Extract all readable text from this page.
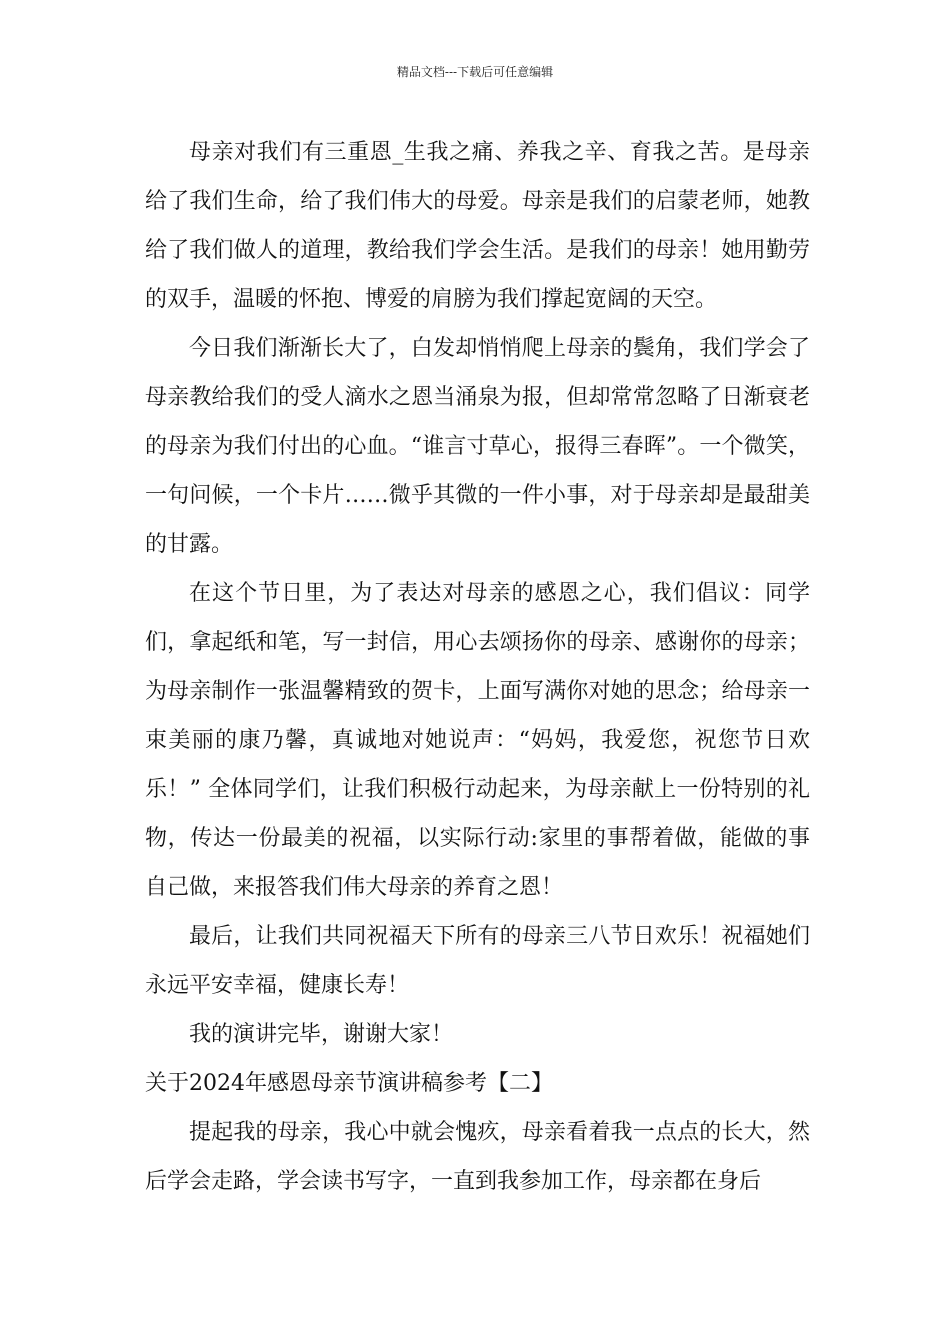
精品文档---下载后可任意编辑

母亲对我们有三重恩_生我之痛、养我之辛、育我之苦。是母亲给了我们生命，给了我们伟大的母爱。母亲是我们的启蒙老师，她教给了我们做人的道理，教给我们学会生活。是我们的母亲！她用勤劳的双手，温暖的怀抱、博爱的肩膀为我们撑起宽阔的天空。

今日我们渐渐长大了，白发却悄悄爬上母亲的鬓角，我们学会了母亲教给我们的受人滴水之恩当涌泉为报，但却常常忽略了日渐衰老的母亲为我们付出的心血。“谁言寸草心，报得三春晖”。一个微笑，一句问候，一个卡片……微乎其微的一件小事，对于母亲却是最甜美的甘露。

在这个节日里，为了表达对母亲的感恩之心，我们倡议：同学们，拿起纸和笔，写一封信，用心去颂扬你的母亲、感谢你的母亲；为母亲制作一张温馨精致的贺卡，上面写满你对她的思念；给母亲一束美丽的康乃馨，真诚地对她说声：“妈妈，我爱您，祝您节日欢乐！” 全体同学们，让我们积极行动起来，为母亲献上一份特别的礼物，传达一份最美的祝福，以实际行动:家里的事帮着做，能做的事自己做，来报答我们伟大母亲的养育之恩！

最后，让我们共同祝福天下所有的母亲三八节日欢乐！祝福她们永远平安幸福，健康长寿！

我的演讲完毕，谢谢大家！

关于2024年感恩母亲节演讲稿参考【二】

提起我的母亲，我心中就会愧疚，母亲看着我一点点的长大，然后学会走路，学会读书写字，一直到我参加工作，母亲都在身后
